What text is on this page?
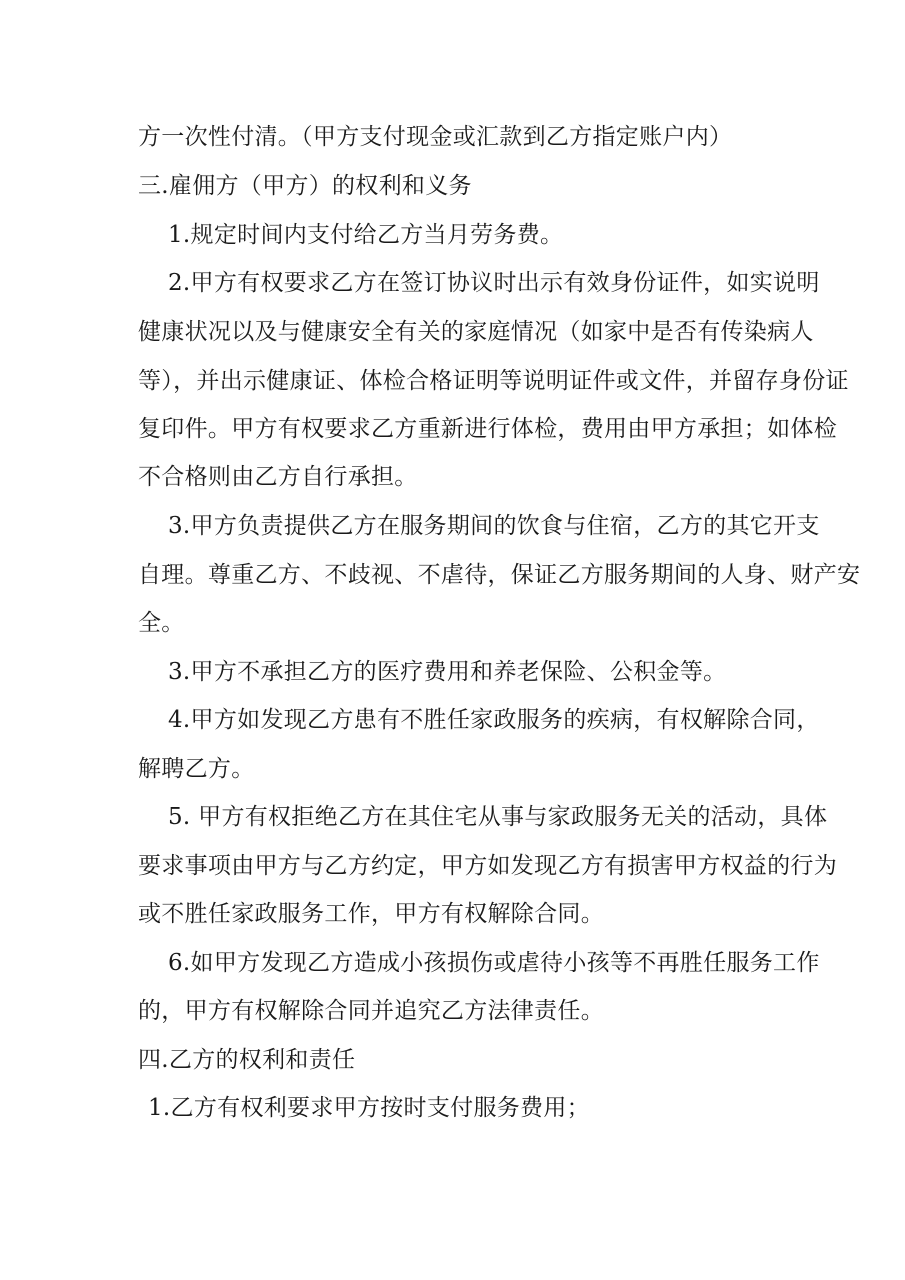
方一次性付清。（甲方支付现金或汇款到乙方指定账户内）
三.雇佣方（甲方）的权利和义务
1.规定时间内支付给乙方当月劳务费。
2.甲方有权要求乙方在签订协议时出示有效身份证件，如实说明
健康状况以及与健康安全有关的家庭情况（如家中是否有传染病人
等），并出示健康证、体检合格证明等说明证件或文件，并留存身份证
复印件。甲方有权要求乙方重新进行体检，费用由甲方承担；如体检
不合格则由乙方自行承担。
3.甲方负责提供乙方在服务期间的饮食与住宿，乙方的其它开支
自理。尊重乙方、不歧视、不虐待，保证乙方服务期间的人身、财产安
全。
3.甲方不承担乙方的医疗费用和养老保险、公积金等。
4.甲方如发现乙方患有不胜任家政服务的疾病，有权解除合同，
解聘乙方。
5. 甲方有权拒绝乙方在其住宅从事与家政服务无关的活动，具体
要求事项由甲方与乙方约定，甲方如发现乙方有损害甲方权益的行为
或不胜任家政服务工作，甲方有权解除合同。
6.如甲方发现乙方造成小孩损伤或虐待小孩等不再胜任服务工作
的，甲方有权解除合同并追究乙方法律责任。
四.乙方的权利和责任
1.乙方有权利要求甲方按时支付服务费用；
